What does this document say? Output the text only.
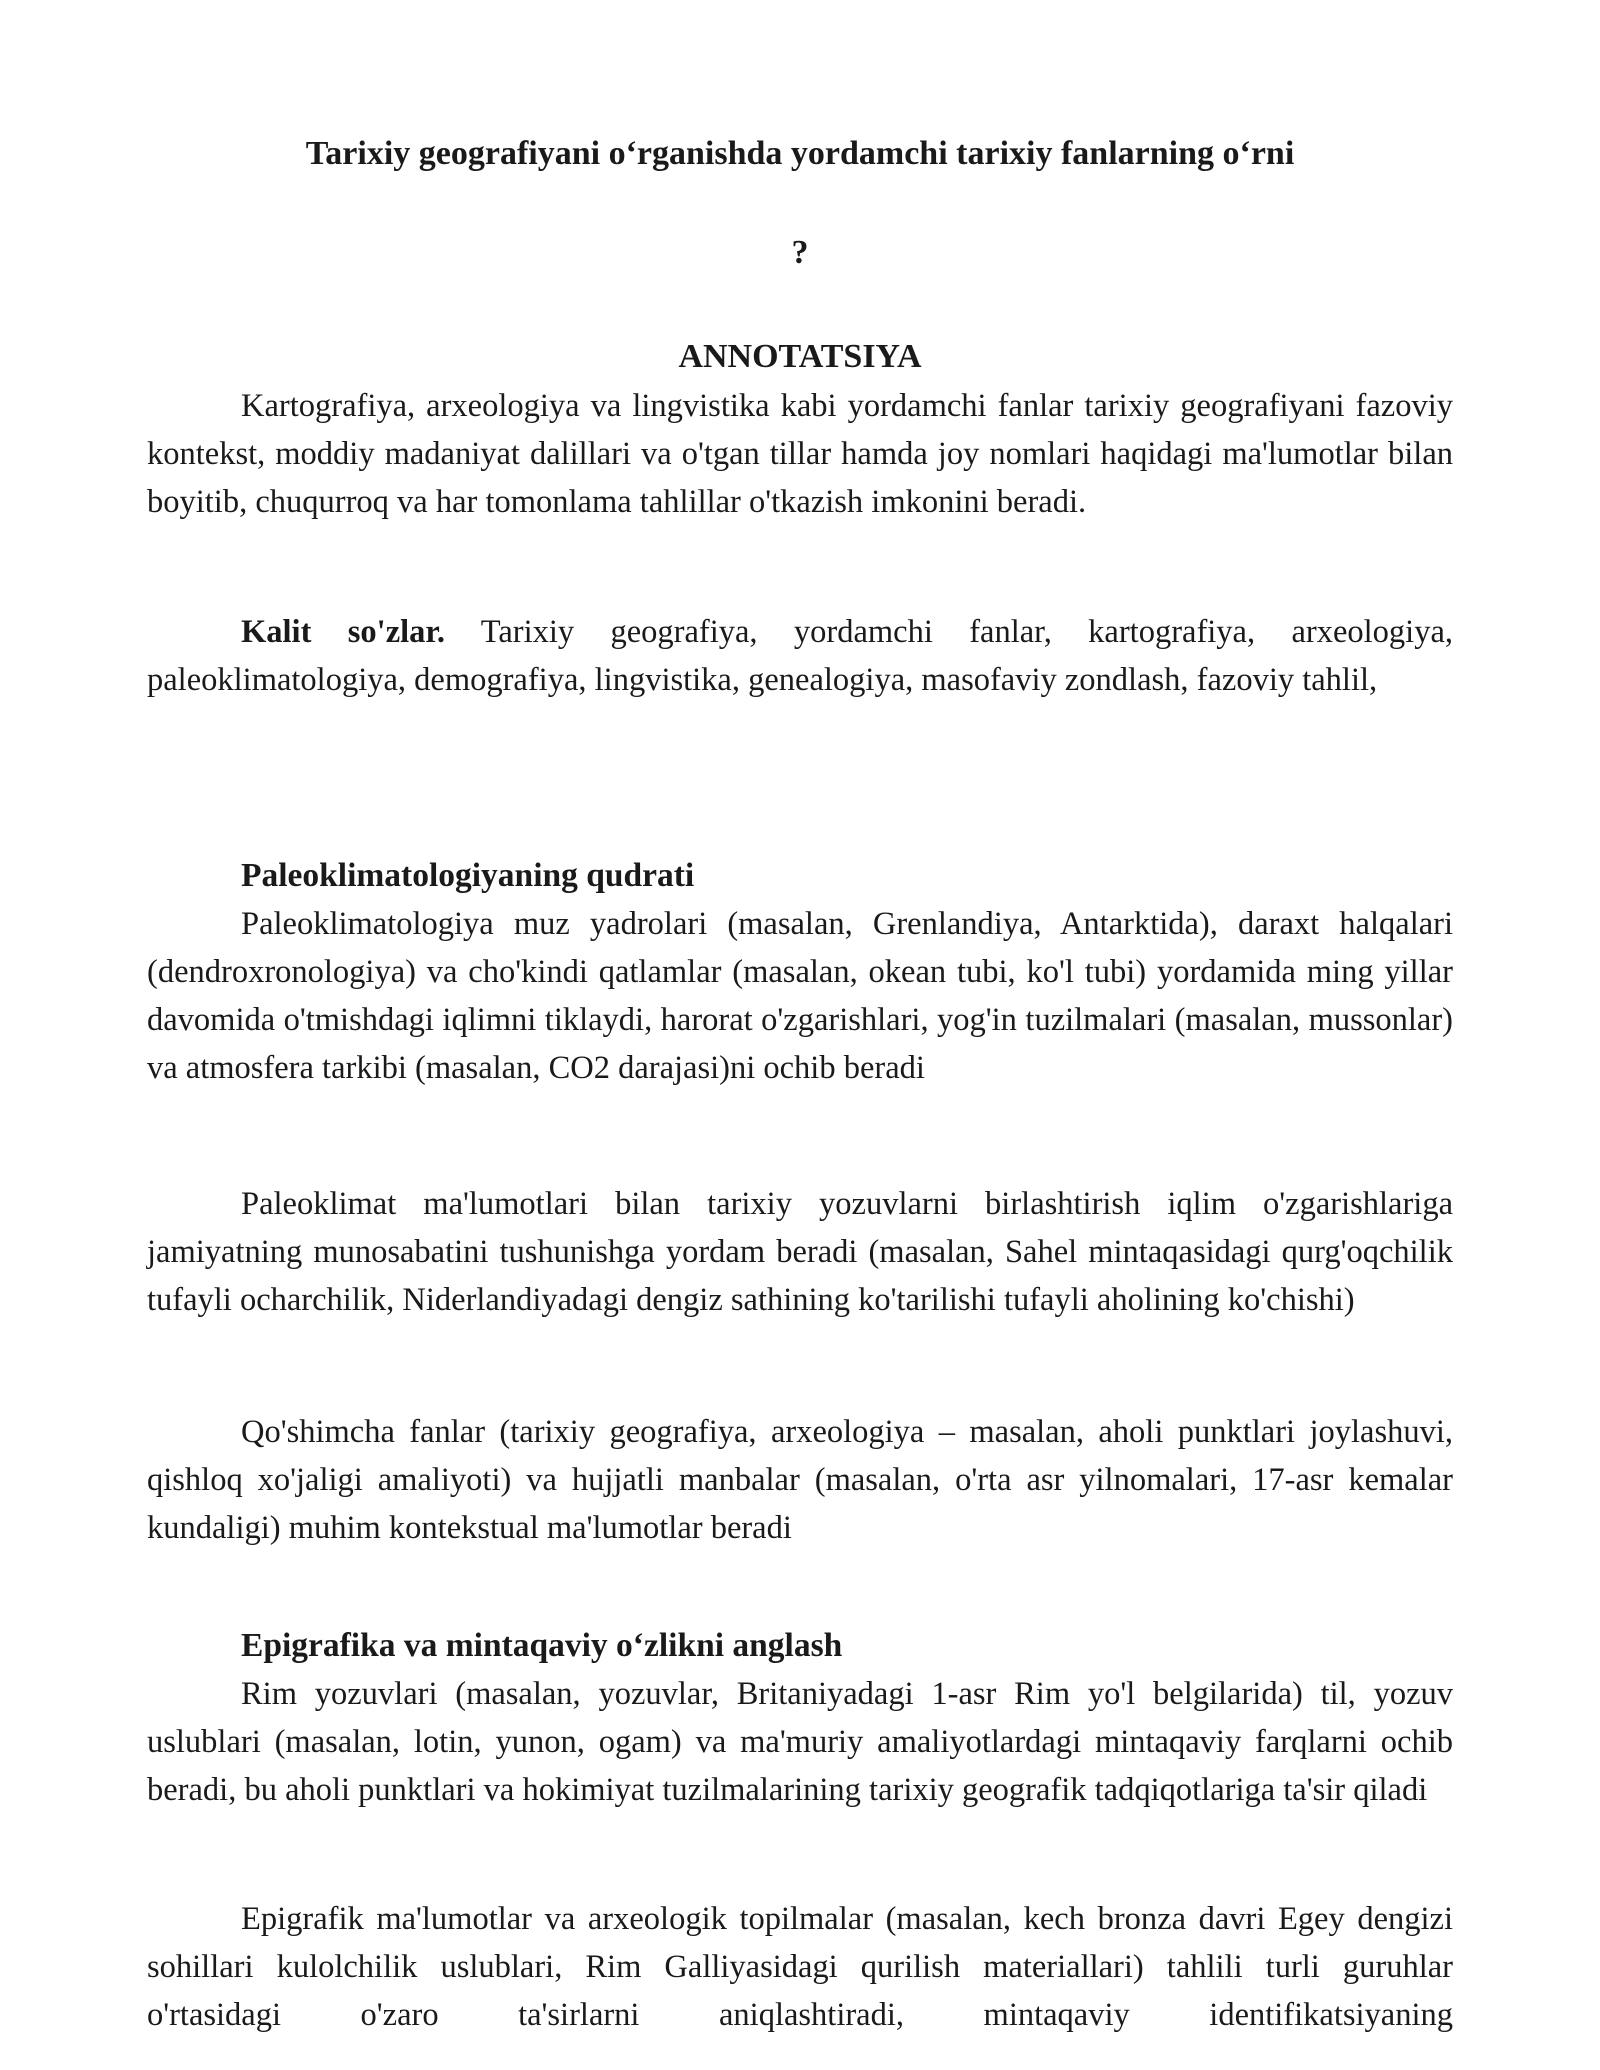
Tarixiy geografiyani o‘rganishda yordamchi tarixiy fanlarning o‘rni

?

ANNOTATSIYA

Kartografiya, arxeologiya va lingvistika kabi yordamchi fanlar tarixiy geografiyani fazoviy kontekst, moddiy madaniyat dalillari va o'tgan tillar hamda joy nomlari haqidagi ma'lumotlar bilan boyitib, chuqurroq va har tomonlama tahlillar o'tkazish imkonini beradi.

Kalit so'zlar. Tarixiy geografiya, yordamchi fanlar, kartografiya, arxeologiya, paleoklimatologiya, demografiya, lingvistika, genealogiya, masofaviy zondlash, fazoviy tahlil,

Paleoklimatologiyaning qudrati

Paleoklimatologiya muz yadrolari (masalan, Grenlandiya, Antarktida), daraxt halqalari (dendroxronologiya) va cho'kindi qatlamlar (masalan, okean tubi, ko'l tubi) yordamida ming yillar davomida o'tmishdagi iqlimni tiklaydi, harorat o'zgarishlari, yog'in tuzilmalari (masalan, mussonlar) va atmosfera tarkibi (masalan, CO2 darajasi)ni ochib beradi

Paleoklimat ma'lumotlari bilan tarixiy yozuvlarni birlashtirish iqlim o'zgarishlariga jamiyatning munosabatini tushunishga yordam beradi (masalan, Sahel mintaqasidagi qurg'oqchilik tufayli ocharchilik, Niderlandiyadagi dengiz sathining ko'tarilishi tufayli aholining ko'chishi)

Qo'shimcha fanlar (tarixiy geografiya, arxeologiya – masalan, aholi punktlari joylashuvi, qishloq xo'jaligi amaliyoti) va hujjatli manbalar (masalan, o'rta asr yilnomalari, 17-asr kemalar kundaligi) muhim kontekstual ma'lumotlar beradi

Epigrafika va mintaqaviy o‘zlikni anglash

Rim yozuvlari (masalan, yozuvlar, Britaniyadagi 1-asr Rim yo'l belgilarida) til, yozuv uslublari (masalan, lotin, yunon, ogam) va ma'muriy amaliyotlardagi mintaqaviy farqlarni ochib beradi, bu aholi punktlari va hokimiyat tuzilmalarining tarixiy geografik tadqiqotlariga ta'sir qiladi

Epigrafik ma'lumotlar va arxeologik topilmalar (masalan, kech bronza davri Egey dengizi sohillari kulolchilik uslublari, Rim Galliyasidagi qurilish materiallari) tahlili turli guruhlar o'rtasidagi o'zaro ta'sirlarni aniqlashtiradi, mintaqaviy identifikatsiyaning
